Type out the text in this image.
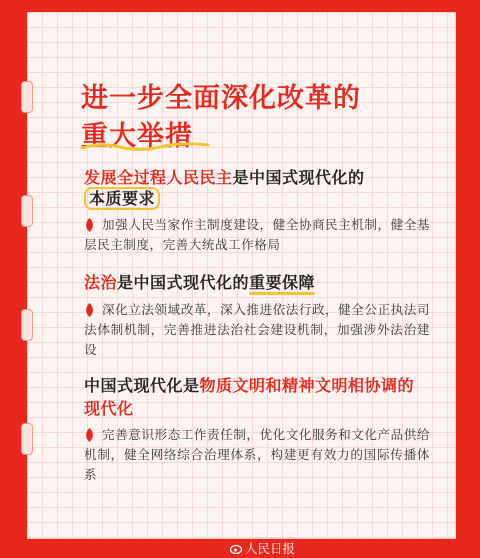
进一步全面深化改革的
重大举措
发展全过程人民民主是中国式现代化的
本质要求
加强人民当家作主制度建设，健全协商民主机制，健全基层民主制度，完善大统战工作格局
法治是中国式现代化的重要保障
深化立法领域改革，深入推进依法行政，健全公正执法司法体制机制，完善推进法治社会建设机制，加强涉外法治建设
中国式现代化是物质文明和精神文明相协调的现代化
完善意识形态工作责任制，优化文化服务和文化产品供给机制，健全网络综合治理体系，构建更有效力的国际传播体系
人民日报
